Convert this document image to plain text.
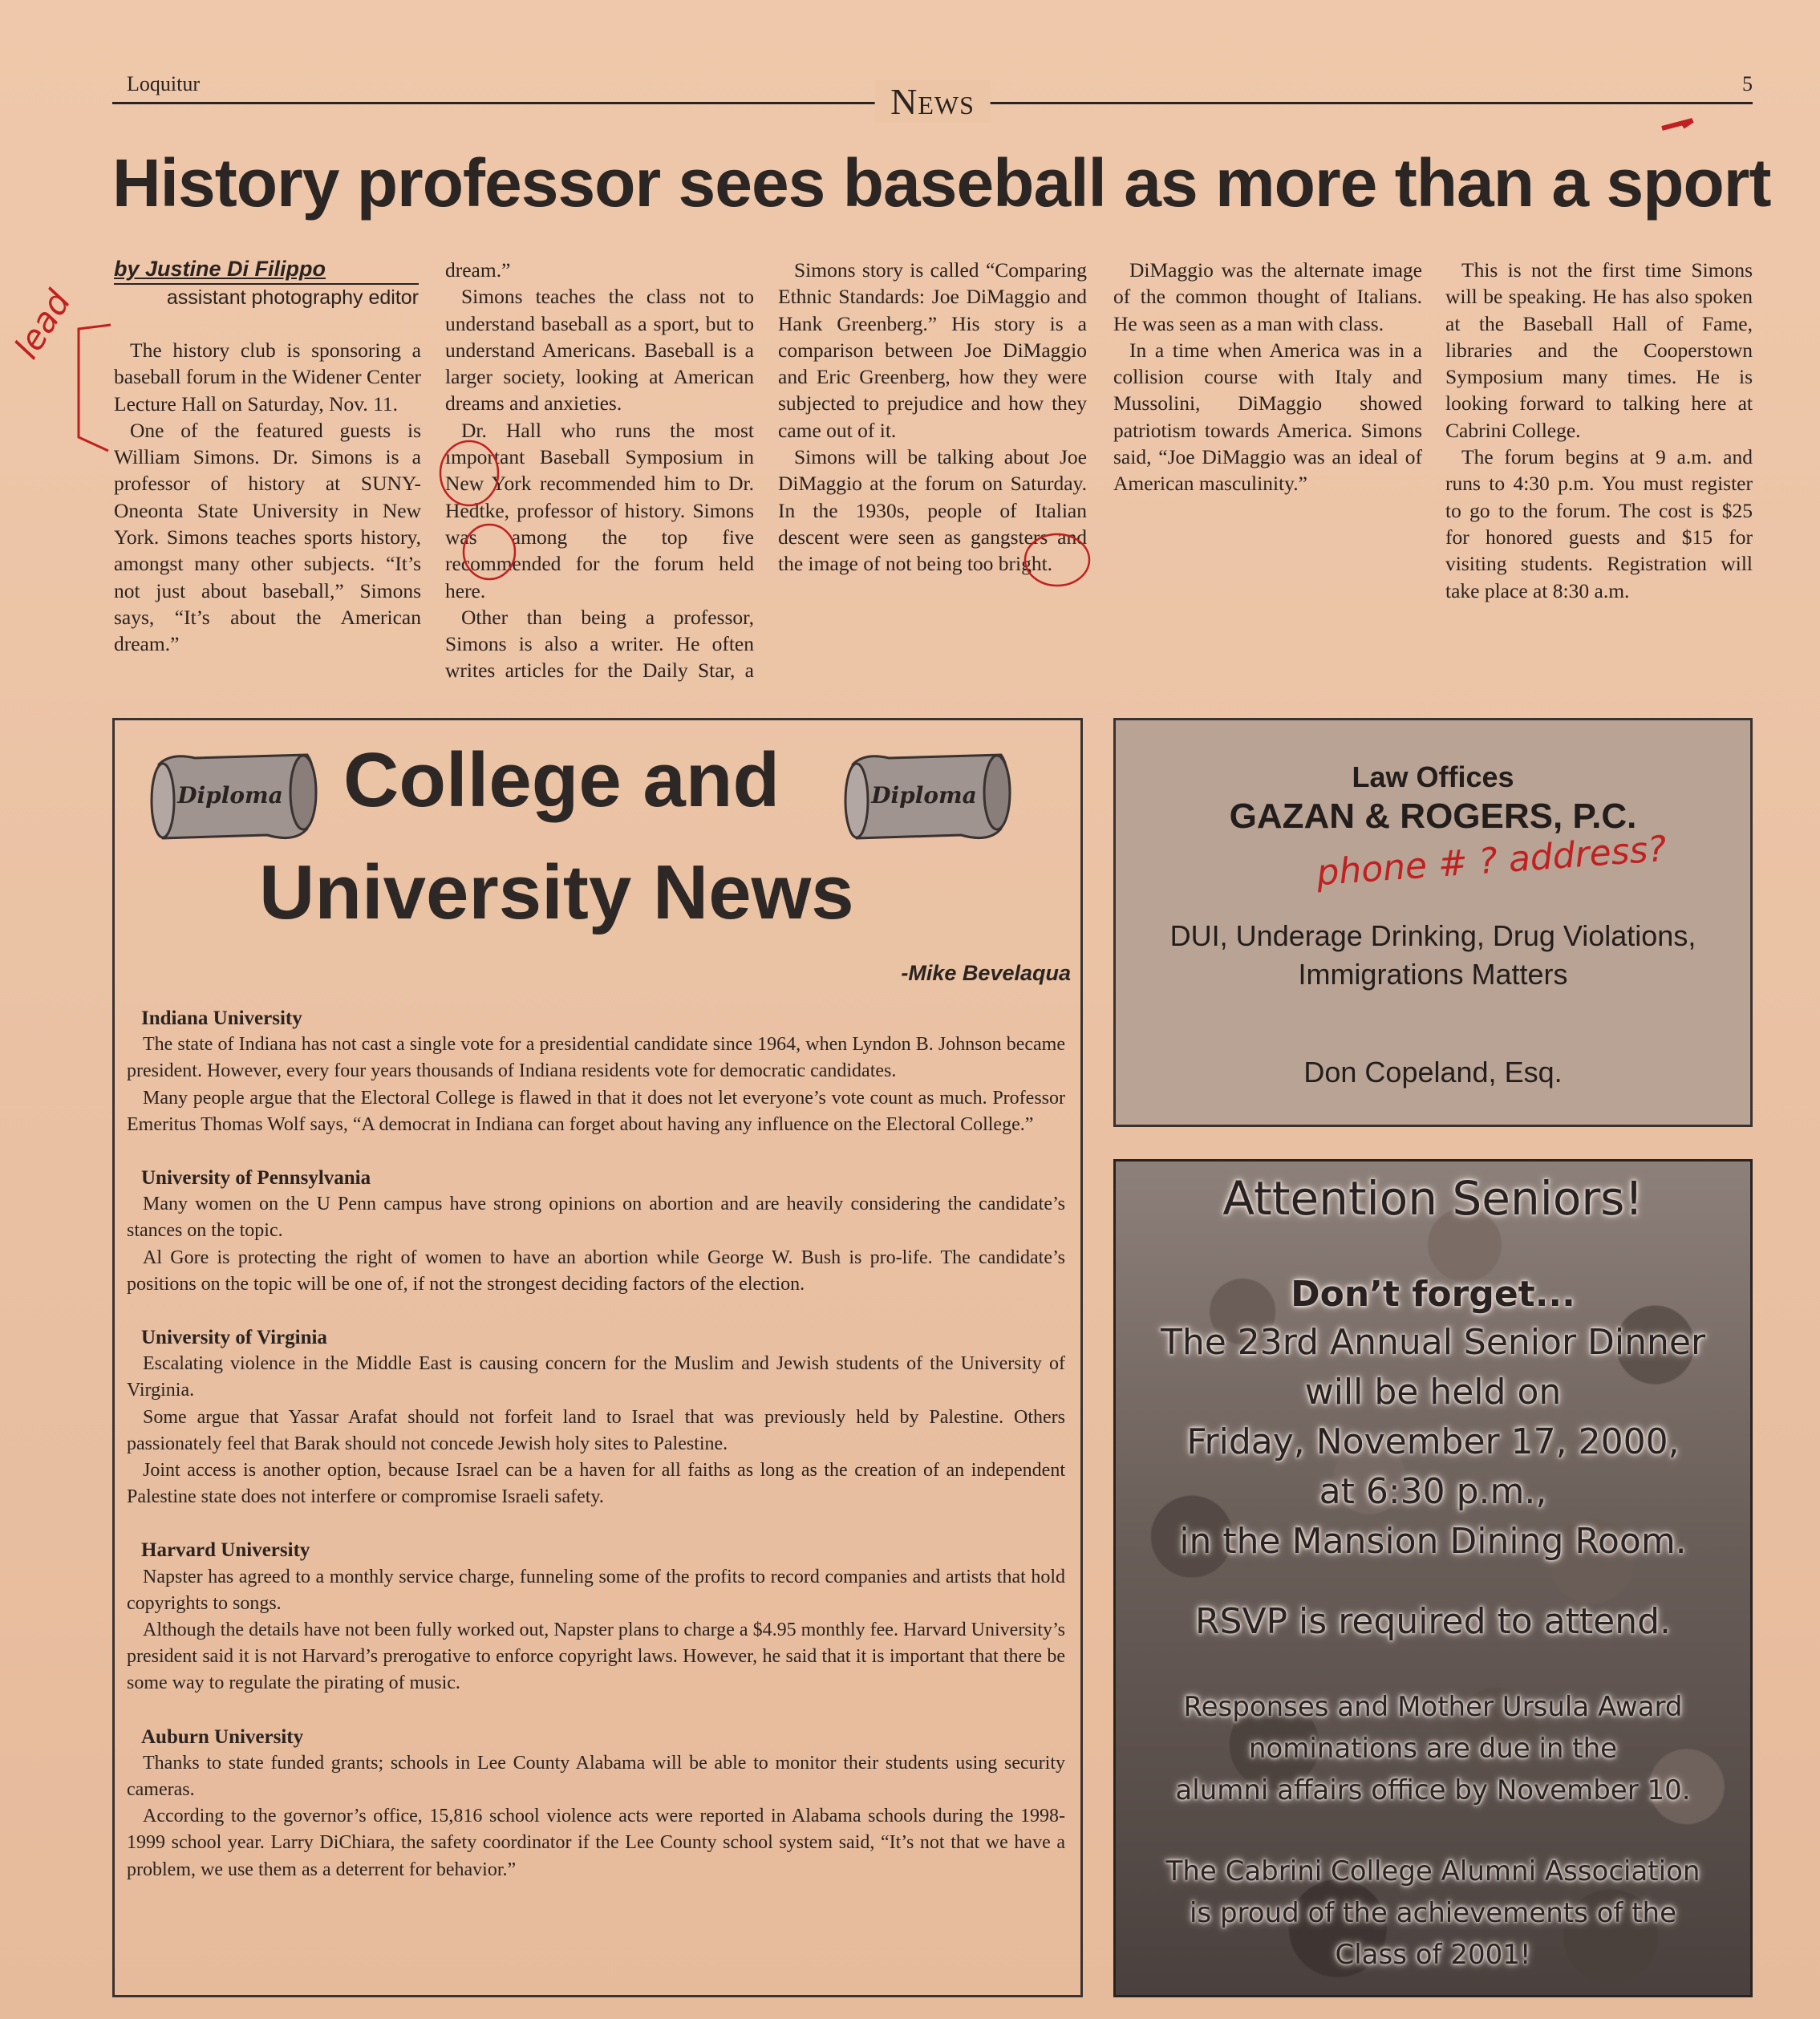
Loquitur	News	5
History professor sees baseball as more than a sport
by Justine Di Filippo
assistant photography editor

The history club is sponsoring a baseball forum in the Widener Center Lecture Hall on Saturday, Nov. 11.

One of the featured guests is William Simons. Dr. Simons is a professor of history at SUNY-Oneonta State University in New York. Simons teaches sports history, amongst many other subjects. “It’s not just about baseball,” Simons says, “It’s about the American dream.”

dream.”

Simons teaches the class not to understand baseball as a sport, but to understand Americans. Baseball is a larger society, looking at American dreams and anxieties.

Dr. Hall who runs the most important Baseball Symposium in New York recommended him to Dr. Hedtke, professor of history. Simons was among the top five recommended for the forum held here.

Other than being a professor, Simons is also a writer. He often writes articles for the Daily Star, a

Simons story is called “Comparing Ethnic Standards: Joe DiMaggio and Hank Greenberg.” His story is a comparison between Joe DiMaggio and Eric Greenberg, how they were subjected to prejudice and how they came out of it.

Simons will be talking about Joe DiMaggio at the forum on Saturday. In the 1930s, people of Italian descent were seen as gangsters and the image of not being too bright.

DiMaggio was the alternate image of the common thought of Italians. He was seen as a man with class.

In a time when America was in a collision course with Italy and Mussolini, DiMaggio showed patriotism towards America. Simons said, “Joe DiMaggio was an ideal of American masculinity.”

This is not the first time Simons will be speaking. He has also spoken at the Baseball Hall of Fame, libraries and the Cooperstown Symposium many times. He is looking forward to talking here at Cabrini College.

The forum begins at 9 a.m. and runs to 4:30 p.m. You must register to go to the forum. The cost is $25 for honored guests and $15 for visiting students. Registration will take place at 8:30 a.m.

lead
Diploma	Diploma
College and
University News
-Mike Bevelaqua
Indiana University

The state of Indiana has not cast a single vote for a presidential candidate since 1964, when Lyndon B. Johnson became president. However, every four years thousands of Indiana residents vote for democratic candidates.

Many people argue that the Electoral College is flawed in that it does not let everyone’s vote count as much. Professor Emeritus Thomas Wolf says, “A democrat in Indiana can forget about having any influence on the Electoral College.”

University of Pennsylvania

Many women on the U Penn campus have strong opinions on abortion and are heavily considering the candidate’s stances on the topic.

Al Gore is protecting the right of women to have an abortion while George W. Bush is pro-life. The candidate’s positions on the topic will be one of, if not the strongest deciding factors of the election.

University of Virginia

Escalating violence in the Middle East is causing concern for the Muslim and Jewish students of the University of Virginia.

Some argue that Yassar Arafat should not forfeit land to Israel that was previously held by Palestine. Others passionately feel that Barak should not concede Jewish holy sites to Palestine.

Joint access is another option, because Israel can be a haven for all faiths as long as the creation of an independent Palestine state does not interfere or compromise Israeli safety.

Harvard University

Napster has agreed to a monthly service charge, funneling some of the profits to record companies and artists that hold copyrights to songs.

Although the details have not been fully worked out, Napster plans to charge a $4.95 monthly fee. Harvard University’s president said it is not Harvard’s prerogative to enforce copyright laws. However, he said that it is important that there be some way to regulate the pirating of music.

Auburn University

Thanks to state funded grants; schools in Lee County Alabama will be able to monitor their students using security cameras.

According to the governor’s office, 15,816 school violence acts were reported in Alabama schools during the 1998-1999 school year. Larry DiChiara, the safety coordinator if the Lee County school system said, “It’s not that we have a problem, we use them as a deterrent for behavior.”

Law Offices
GAZAN & ROGERS, P.C.
phone # ? address?
DUI, Underage Drinking, Drug Violations, Immigrations Matters
Don Copeland, Esq.
Attention Seniors!
Don’t forget...
The 23rd Annual Senior Dinner
will be held on
Friday, November 17, 2000,
at 6:30 p.m.,
in the Mansion Dining Room.
RSVP is required to attend.
Responses and Mother Ursula Award
nominations are due in the
alumni affairs office by November 10.
The Cabrini College Alumni Association
is proud of the achievements of the
Class of 2001!
